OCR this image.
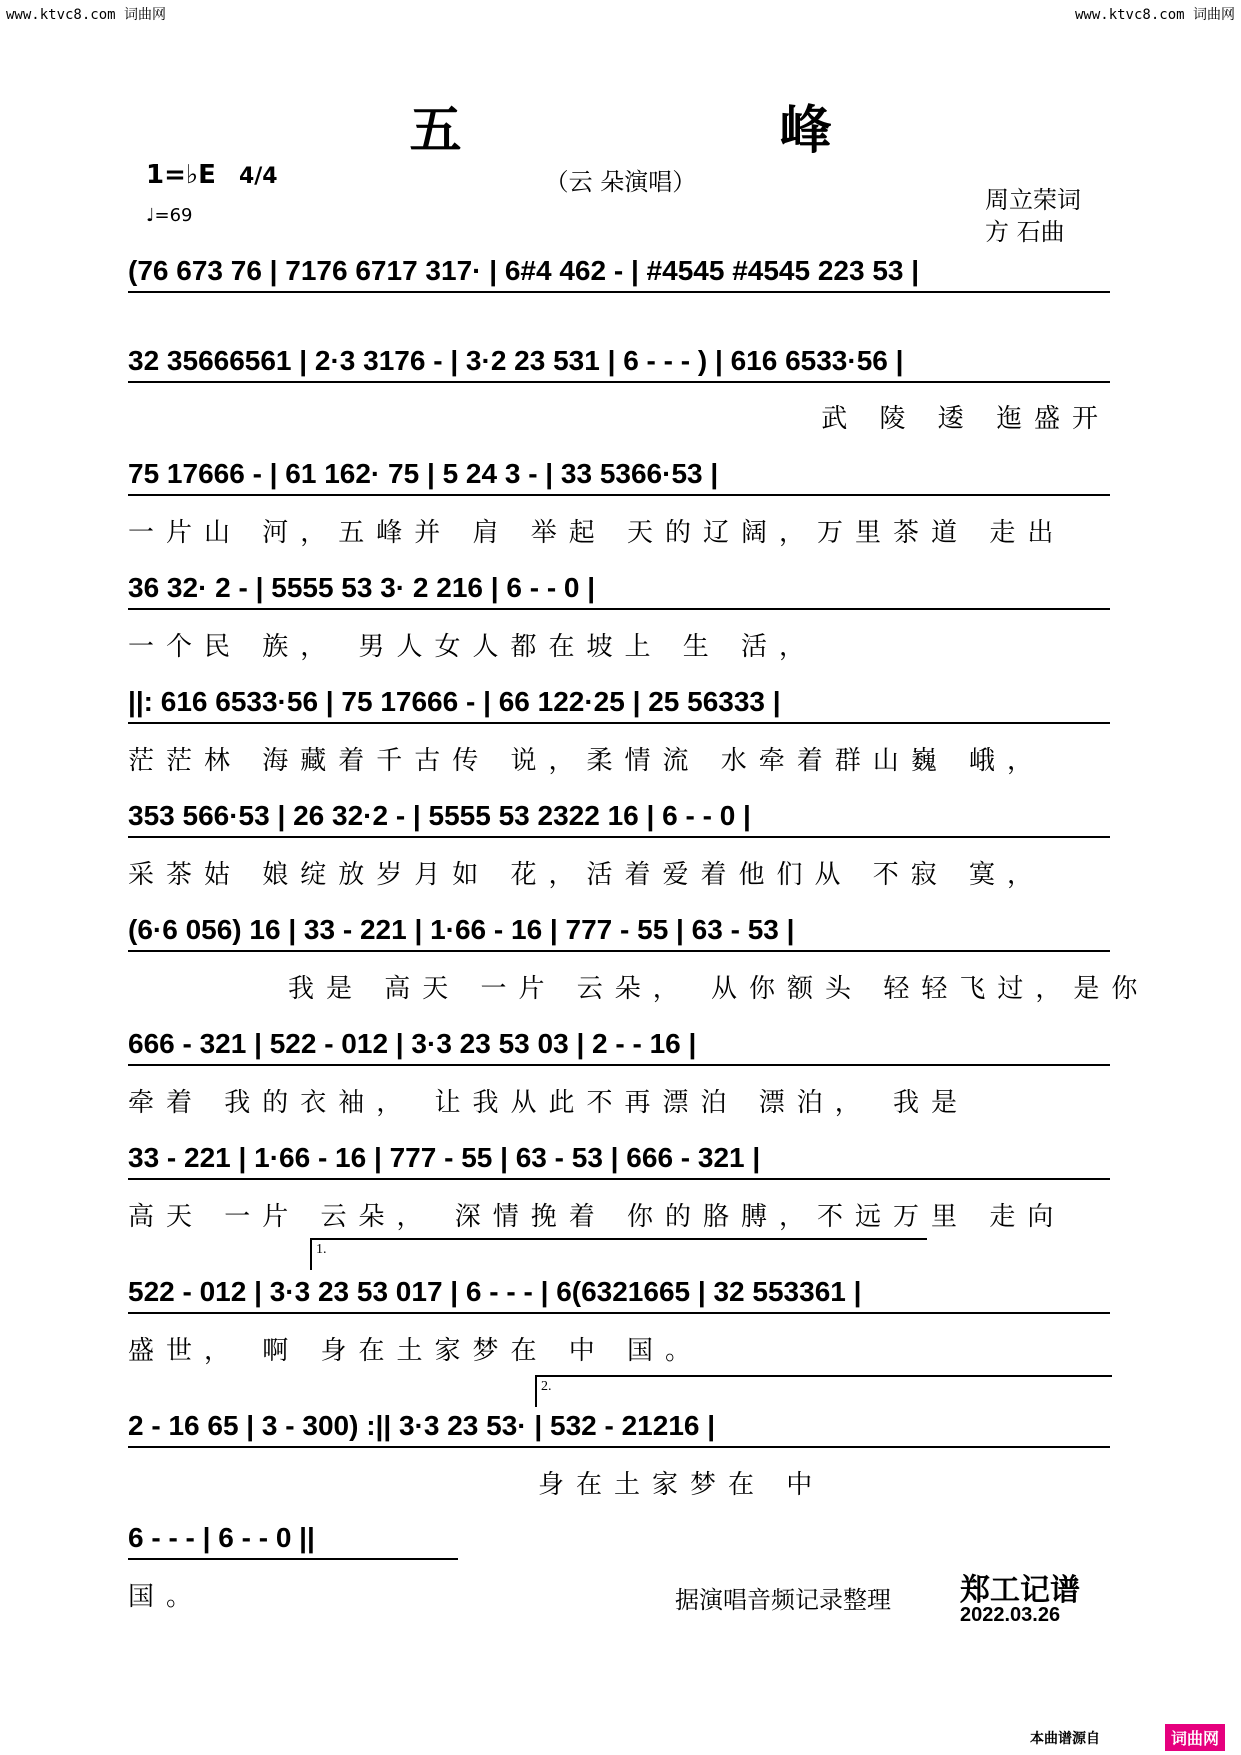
www.ktvc8.com 词曲网	www.ktvc8.com 词曲网
五 峰
（云 朵演唱）
1=♭E 4/4
♩=69
周立荣词
方 石曲
(76 673 76 | 7176 6717 317· | 6#4 462 - | #4545 #4545 223 53 |
32 35666561 | 2·3 3176 - | 3·2 23 531 | 6 - - - ) | 616 6533·56 |
武 陵 逶 迤盛开
75 17666 - | 61 162· 75 | 5 24 3 - | 33 5366·53 |
一片山 河，五峰并 肩 举起 天的辽阔，万里茶道 走出
36 32· 2 - | 5555 53 3· 2 216 | 6 - - 0 |
一个民 族， 男人女人都在坡上 生 活，
||: 616 6533·56 | 75 17666 - | 66 122·25 | 25 56333 |
茫茫林 海藏着千古传 说，柔情流 水牵着群山巍 峨，
353 566·53 | 26 32·2 - | 5555 53 2322 16 | 6 - - 0 |
采茶姑 娘绽放岁月如 花，活着爱着他们从 不寂 寞，
(6·6 056) 16 | 33 - 221 | 1·66 - 16 | 777 - 55 | 63 - 53 |
我是 高天 一片 云朵， 从你额头 轻轻飞过，是你
666 - 321 | 522 - 012 | 3·3 23 53 03 | 2 - - 16 |
牵着 我的衣袖， 让我从此不再漂泊 漂泊， 我是
33 - 221 | 1·66 - 16 | 777 - 55 | 63 - 53 | 666 - 321 |
高天 一片 云朵， 深情挽着 你的胳膊，不远万里 走向
1.
522 - 012 | 3·3 23 53 017 | 6 - - - | 6(6321665 | 32 553361 |
盛世， 啊 身在土家梦在 中 国。
2.
2 - 16 65 | 3 - 300) :|| 3·3 23 53· | 532 - 21216 |
身在土家梦在 中
6 - - - | 6 - - 0 ||
国。	据演唱音频记录整理 郑工记谱
2022.03.26
本曲谱源自	词曲网
